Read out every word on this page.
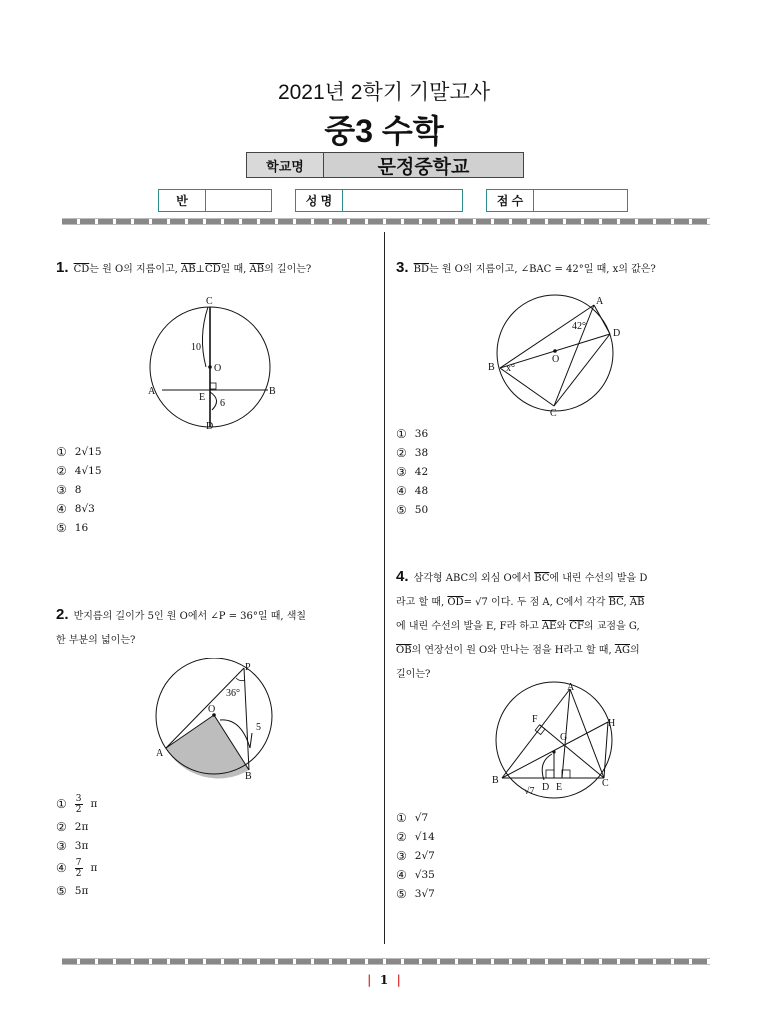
2021년 2학기 기말고사
중3 수학
학교명	문정중학교
반	성 명	점 수
1. $\overline{CD}$는 원 O의 지름이고, $\overline{AB}\perp\overline{CD}$일 때, $\overline{AB}$의 길이는?
C
O
A	B
E
D
10
6
① 2√15
② 4√15
③ 8
④ 8√3
⑤ 16
2. 반지름의 길이가 5인 원 O에서 ∠P = 36°일 때, 색칠
한 부분의 넓이는?
P
36°
O
5
A
B
① $\frac{3}{2}$ π
② 2π
③ 3π
④ $\frac{7}{2}$ π
⑤ 5π
3. $\overline{BD}$는 원 O의 지름이고, ∠BAC = 42°일 때, x의 값은?
A
42°
D
O
B x°
C
① 36
② 38
③ 42
④ 48
⑤ 50
4. 삼각형 ABC의 외심 O에서 $\overline{BC}$에 내린 수선의 발을 D
라고 할 때, $\overline{OD}= √7$ 이다. 두 점 A, C에서 각각 $\overline{BC}$, $\overline{AB}$
에 내린 수선의 발을 E, F라 하고 $\overline{AE}$와 $\overline{CF}$의 교점을 G,
$\overline{OB}$의 연장선이 원 O와 만나는 점을 H라고 할 때, $\overline{AG}$의
길이는?
A
F	H
G
B
D E	C
√7
① √7
② √14
③ 2√7
④ √35
⑤ 3√7
| 1 |
